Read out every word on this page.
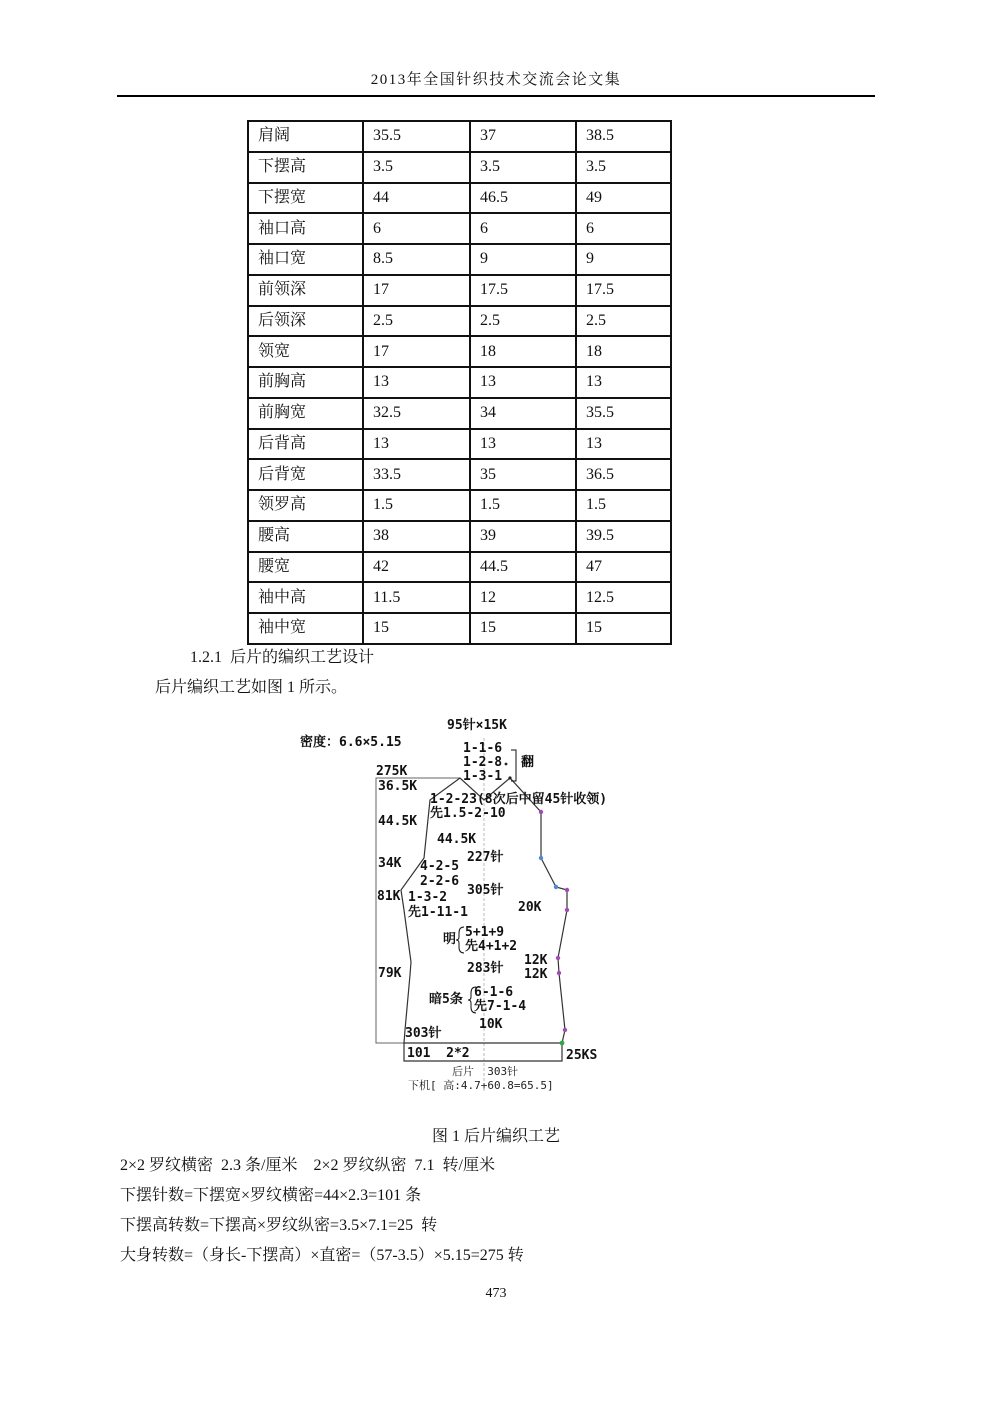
2013年全国针织技术交流会论文集
肩阔	35.5	37	38.5
下摆高	3.5	3.5	3.5
下摆宽	44	46.5	49
袖口高	6	6	6
袖口宽	8.5	9	9
前领深	17	17.5	17.5
后领深	2.5	2.5	2.5
领宽	17	18	18
前胸高	13	13	13
前胸宽	32.5	34	35.5
后背高	13	13	13
后背宽	33.5	35	36.5
领罗高	1.5	1.5	1.5
腰高	38	39	39.5
腰宽	42	44.5	47
袖中高	11.5	12	12.5
袖中宽	15	15	15
1.2.1  后片的编织工艺设计
后片编织工艺如图 1 所示。
95针×15K
密度：6.6×5.15	1-1-6
1-2-8
1-3-1
翻
275K
36.5K
1-2-23(8次后中留45针收领)
先1.5-2-10
44.5K
44.5K
227针
34K 4-2-5
2-2-6
305针
81K 1-3-2
20K
先1-11-1
明 5+1+9
先4+1+2
12K
283针
79K	12K
暗5条 6-1-6
先7-1-4
10K
303针
101  2*2	25KS
后片  303针
下机[ 高:4.7+60.8=65.5]
图 1 后片编织工艺
2×2 罗纹横密  2.3 条/厘米    2×2 罗纹纵密  7.1  转/厘米
下摆针数=下摆宽×罗纹横密=44×2.3=101 条
下摆高转数=下摆高×罗纹纵密=3.5×7.1=25  转
大身转数=（身长-下摆高）×直密=（57-3.5）×5.15=275 转
473
